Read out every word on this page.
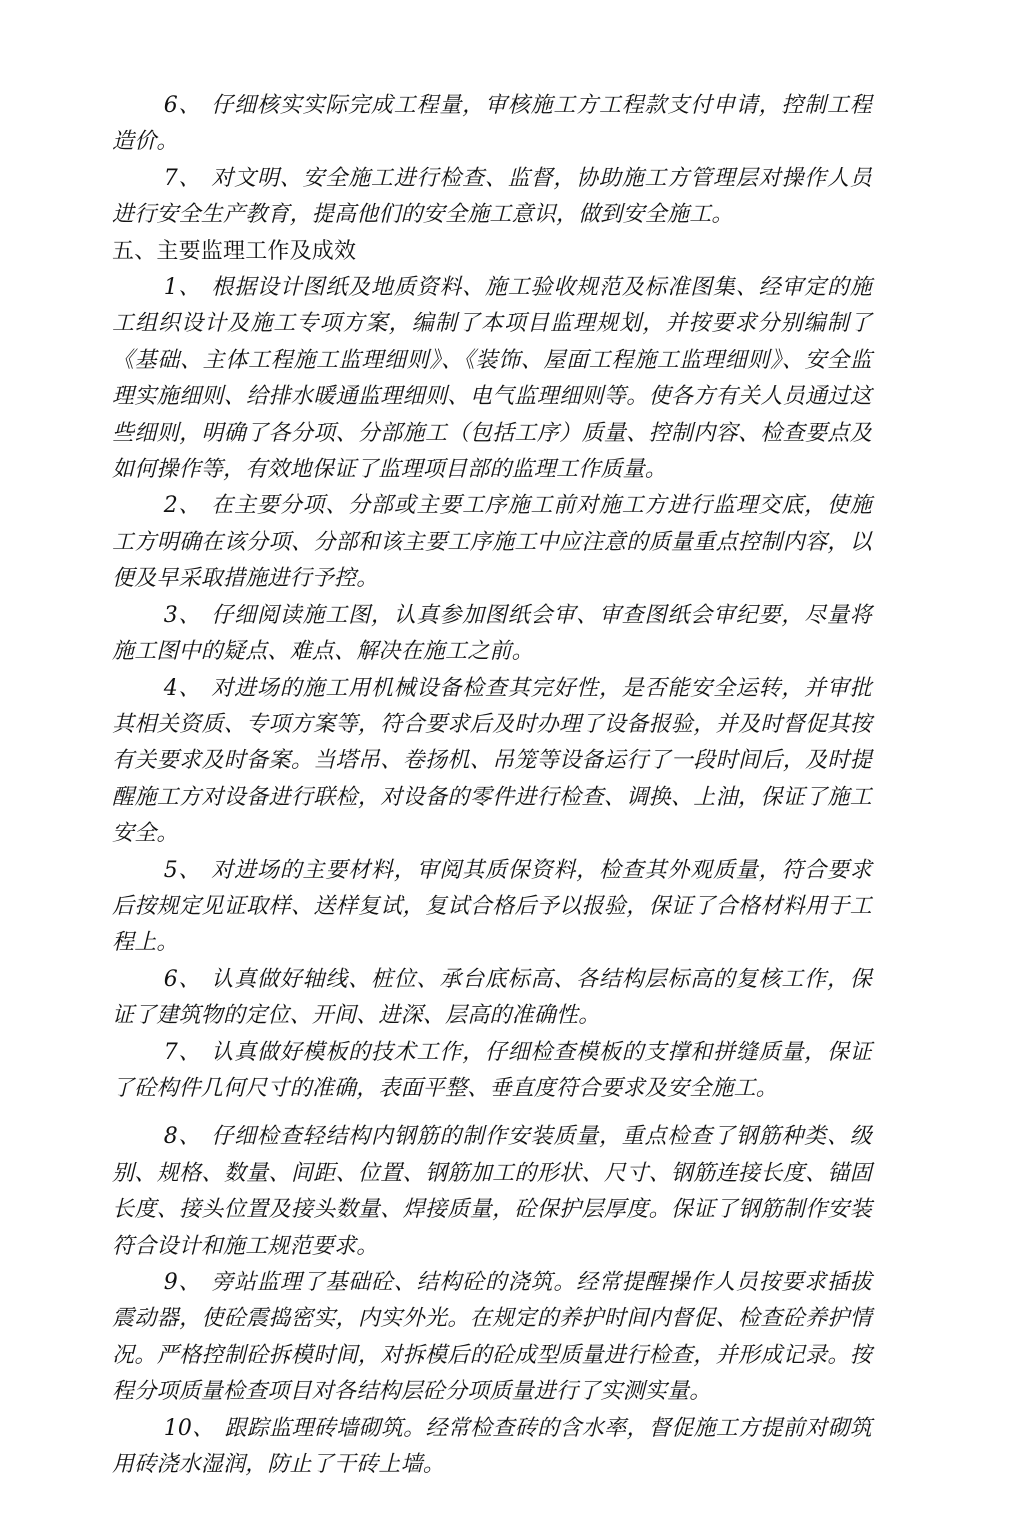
6、 仔细核实实际完成工程量，审核施工方工程款支付申请，控制工程造价。

7、 对文明、安全施工进行检查、监督，协助施工方管理层对操作人员进行安全生产教育，提高他们的安全施工意识，做到安全施工。

五、主要监理工作及成效

1、 根据设计图纸及地质资料、施工验收规范及标准图集、经审定的施工组织设计及施工专项方案，编制了本项目监理规划，并按要求分别编制了《基础、主体工程施工监理细则》、《装饰、屋面工程施工监理细则》、安全监理实施细则、给排水暖通监理细则、电气监理细则等。使各方有关人员通过这些细则，明确了各分项、分部施工（包括工序）质量、控制内容、检查要点及如何操作等，有效地保证了监理项目部的监理工作质量。

2、 在主要分项、分部或主要工序施工前对施工方进行监理交底，使施工方明确在该分项、分部和该主要工序施工中应注意的质量重点控制内容，以便及早采取措施进行予控。

3、 仔细阅读施工图，认真参加图纸会审、审查图纸会审纪要，尽量将施工图中的疑点、难点、解决在施工之前。

4、 对进场的施工用机械设备检查其完好性，是否能安全运转，并审批其相关资质、专项方案等，符合要求后及时办理了设备报验，并及时督促其按有关要求及时备案。当塔吊、卷扬机、吊笼等设备运行了一段时间后，及时提醒施工方对设备进行联检，对设备的零件进行检查、调换、上油，保证了施工安全。

5、 对进场的主要材料，审阅其质保资料，检查其外观质量，符合要求后按规定见证取样、送样复试，复试合格后予以报验，保证了合格材料用于工程上。

6、 认真做好轴线、桩位、承台底标高、各结构层标高的复核工作，保证了建筑物的定位、开间、进深、层高的准确性。

7、 认真做好模板的技术工作，仔细检查模板的支撑和拼缝质量，保证了砼构件几何尺寸的准确，表面平整、垂直度符合要求及安全施工。

8、 仔细检查轻结构内钢筋的制作安装质量，重点检查了钢筋种类、级别、规格、数量、间距、位置、钢筋加工的形状、尺寸、钢筋连接长度、锚固长度、接头位置及接头数量、焊接质量，砼保护层厚度。保证了钢筋制作安装符合设计和施工规范要求。

9、 旁站监理了基础砼、结构砼的浇筑。经常提醒操作人员按要求插拔震动器，使砼震捣密实，内实外光。在规定的养护时间内督促、检查砼养护情况。严格控制砼拆模时间，对拆模后的砼成型质量进行检查，并形成记录。按程分项质量检查项目对各结构层砼分项质量进行了实测实量。

10、 跟踪监理砖墙砌筑。经常检查砖的含水率，督促施工方提前对砌筑用砖浇水湿润，防止了干砖上墙。
